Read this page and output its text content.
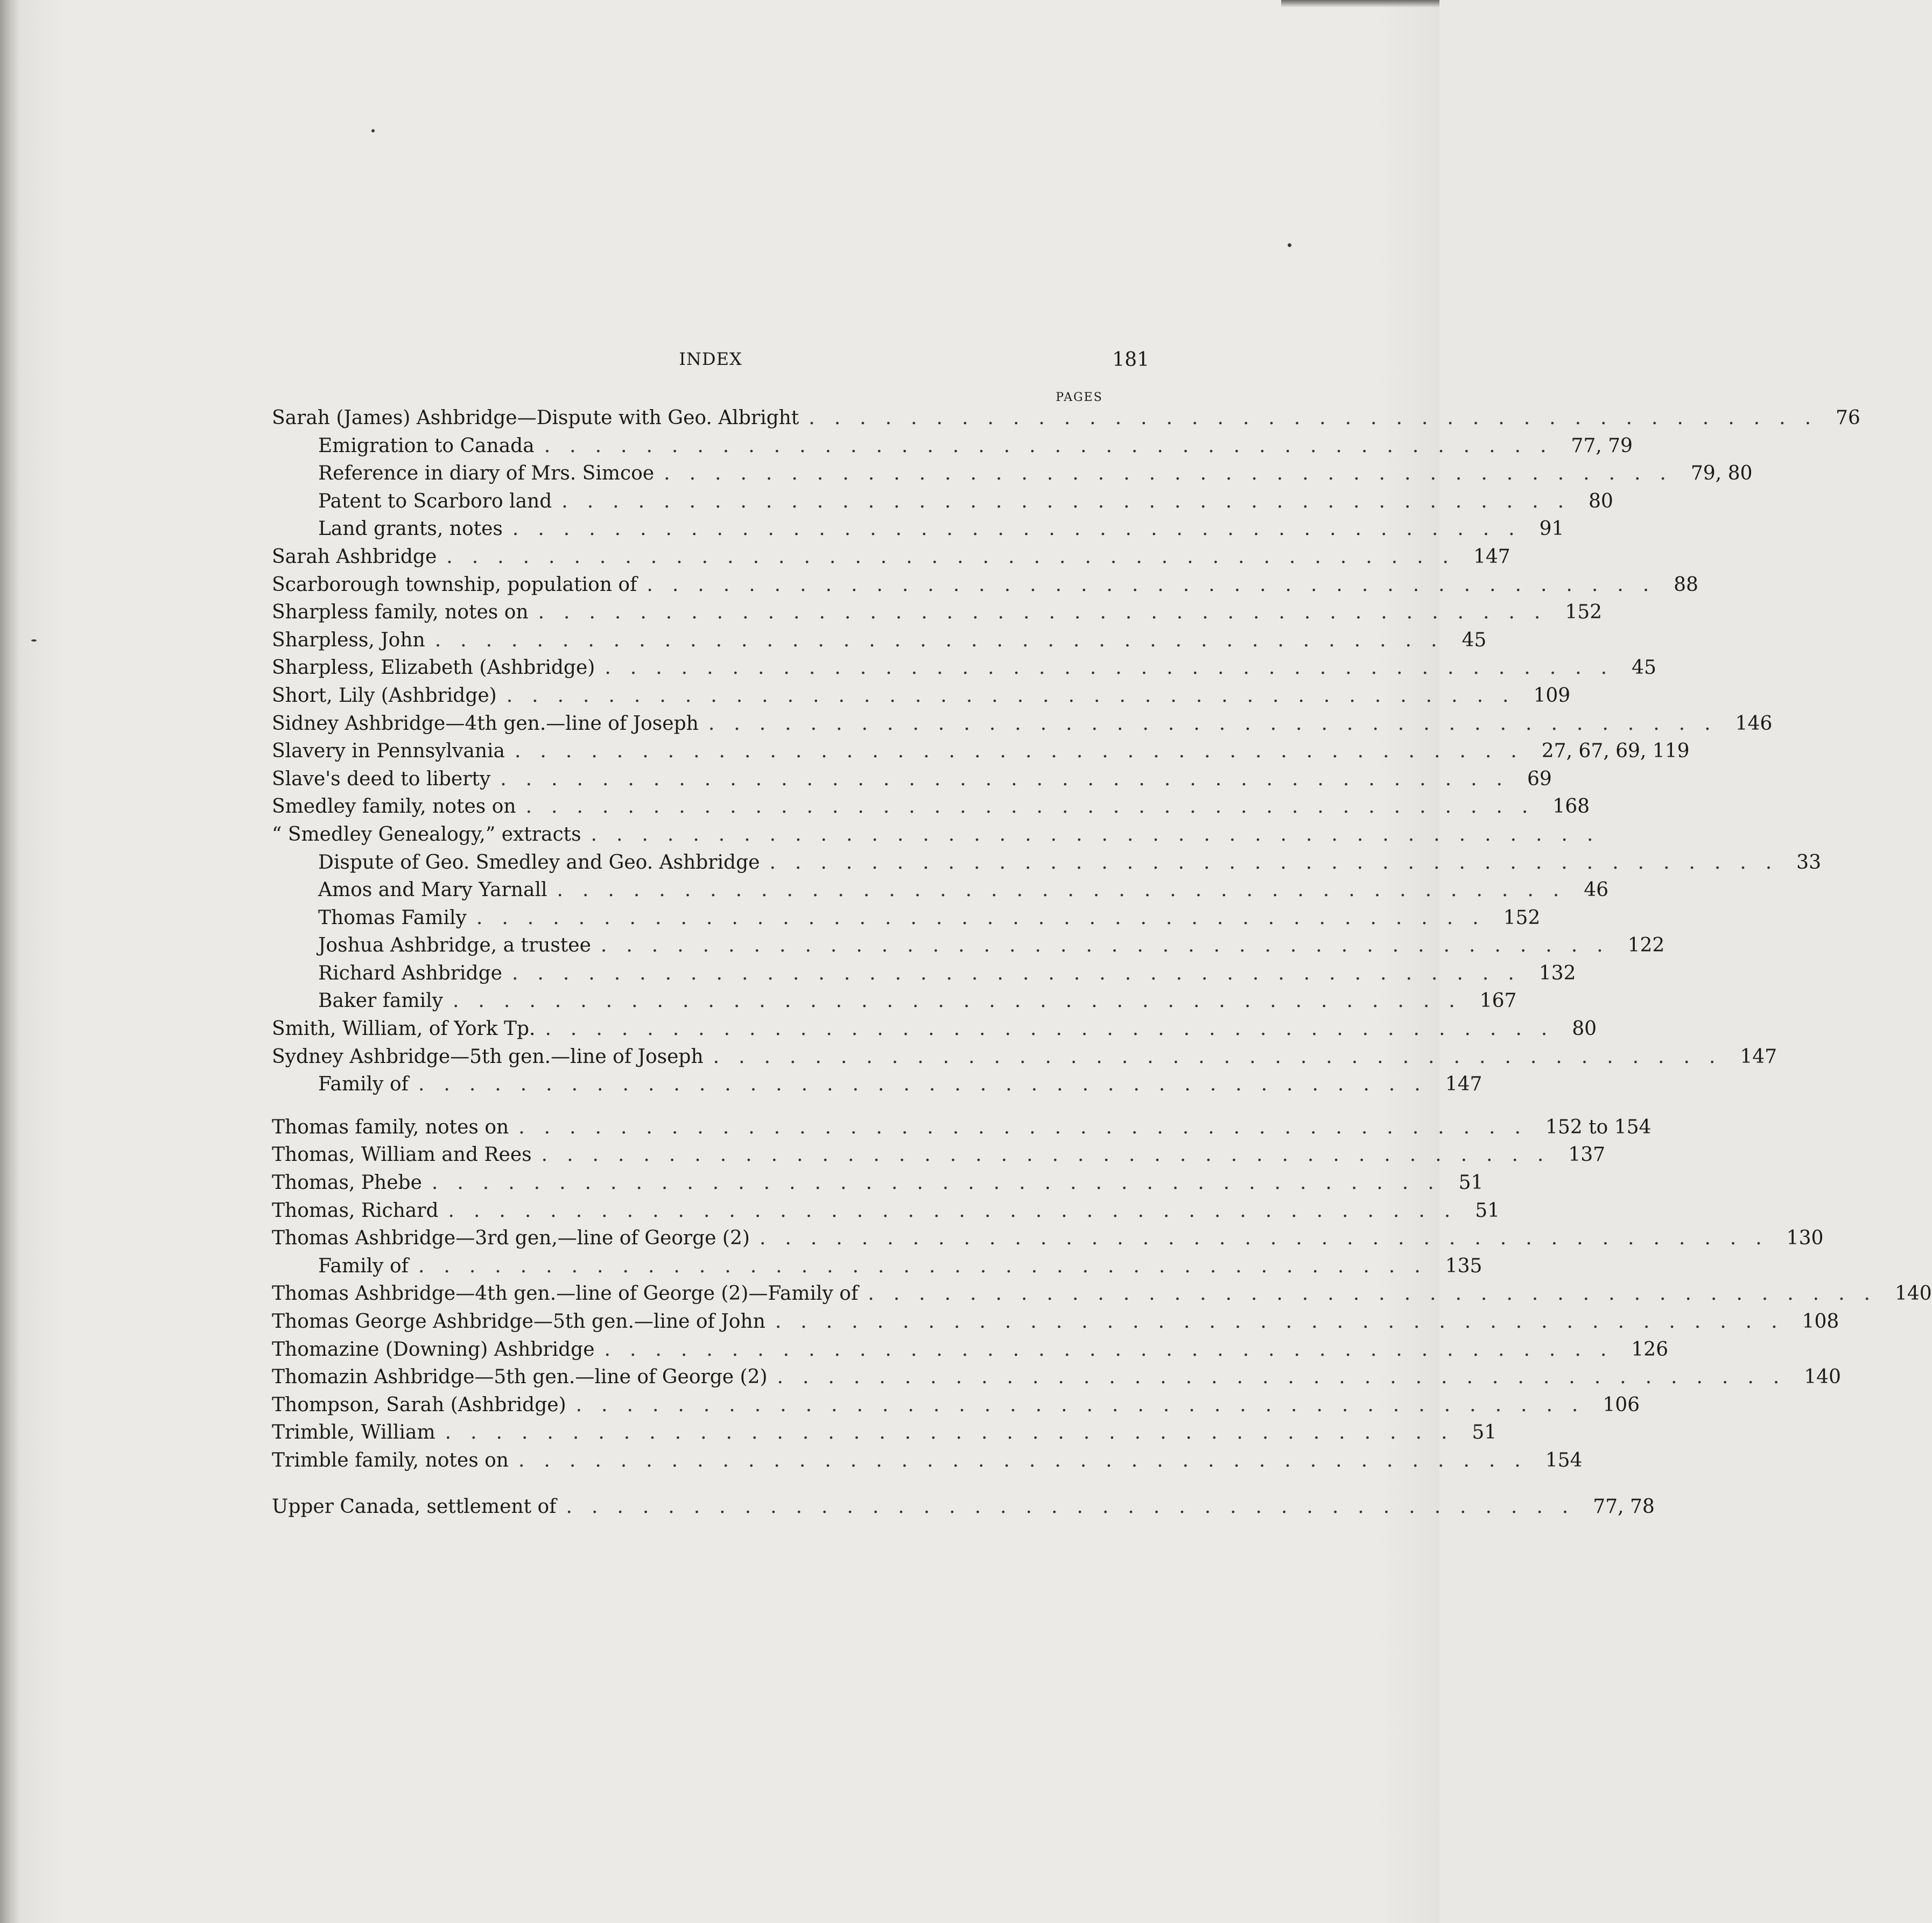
INDEX	181
PAGES
Sarah (James) Ashbridge—Dispute with Geo. Albright ........................................ 76
Emigration to Canada ........................................ 77, 79
Reference in diary of Mrs. Simcoe ........................................ 79, 80
Patent to Scarboro land ........................................ 80
Land grants, notes ........................................ 91
Sarah Ashbridge ........................................ 147
Scarborough township, population of ........................................ 88
Sharpless family, notes on ........................................ 152
Sharpless, John ........................................ 45
Sharpless, Elizabeth (Ashbridge) ........................................ 45
Short, Lily (Ashbridge) ........................................ 109
Sidney Ashbridge—4th gen.—line of Joseph ........................................ 146
Slavery in Pennsylvania ........................................ 27, 67, 69, 119
Slave's deed to liberty ........................................ 69
Smedley family, notes on ........................................ 168
“ Smedley Genealogy,” extracts ........................................
Dispute of Geo. Smedley and Geo. Ashbridge ........................................ 33
Amos and Mary Yarnall ........................................ 46
Thomas Family ........................................ 152
Joshua Ashbridge, a trustee ........................................ 122
Richard Ashbridge ........................................ 132
Baker family ........................................ 167
Smith, William, of York Tp. ........................................ 80
Sydney Ashbridge—5th gen.—line of Joseph ........................................ 147
Family of ........................................ 147
Thomas family, notes on ........................................ 152 to 154
Thomas, William and Rees ........................................ 137
Thomas, Phebe ........................................ 51
Thomas, Richard ........................................ 51
Thomas Ashbridge—3rd gen,—line of George (2) ........................................ 130
Family of ........................................ 135
Thomas Ashbridge—4th gen.—line of George (2)—Family of ........................................ 140
Thomas George Ashbridge—5th gen.—line of John ........................................ 108
Thomazine (Downing) Ashbridge ........................................ 126
Thomazin Ashbridge—5th gen.—line of George (2) ........................................ 140
Thompson, Sarah (Ashbridge) ........................................ 106
Trimble, William ........................................ 51
Trimble family, notes on ........................................ 154
Upper Canada, settlement of ........................................ 77, 78
